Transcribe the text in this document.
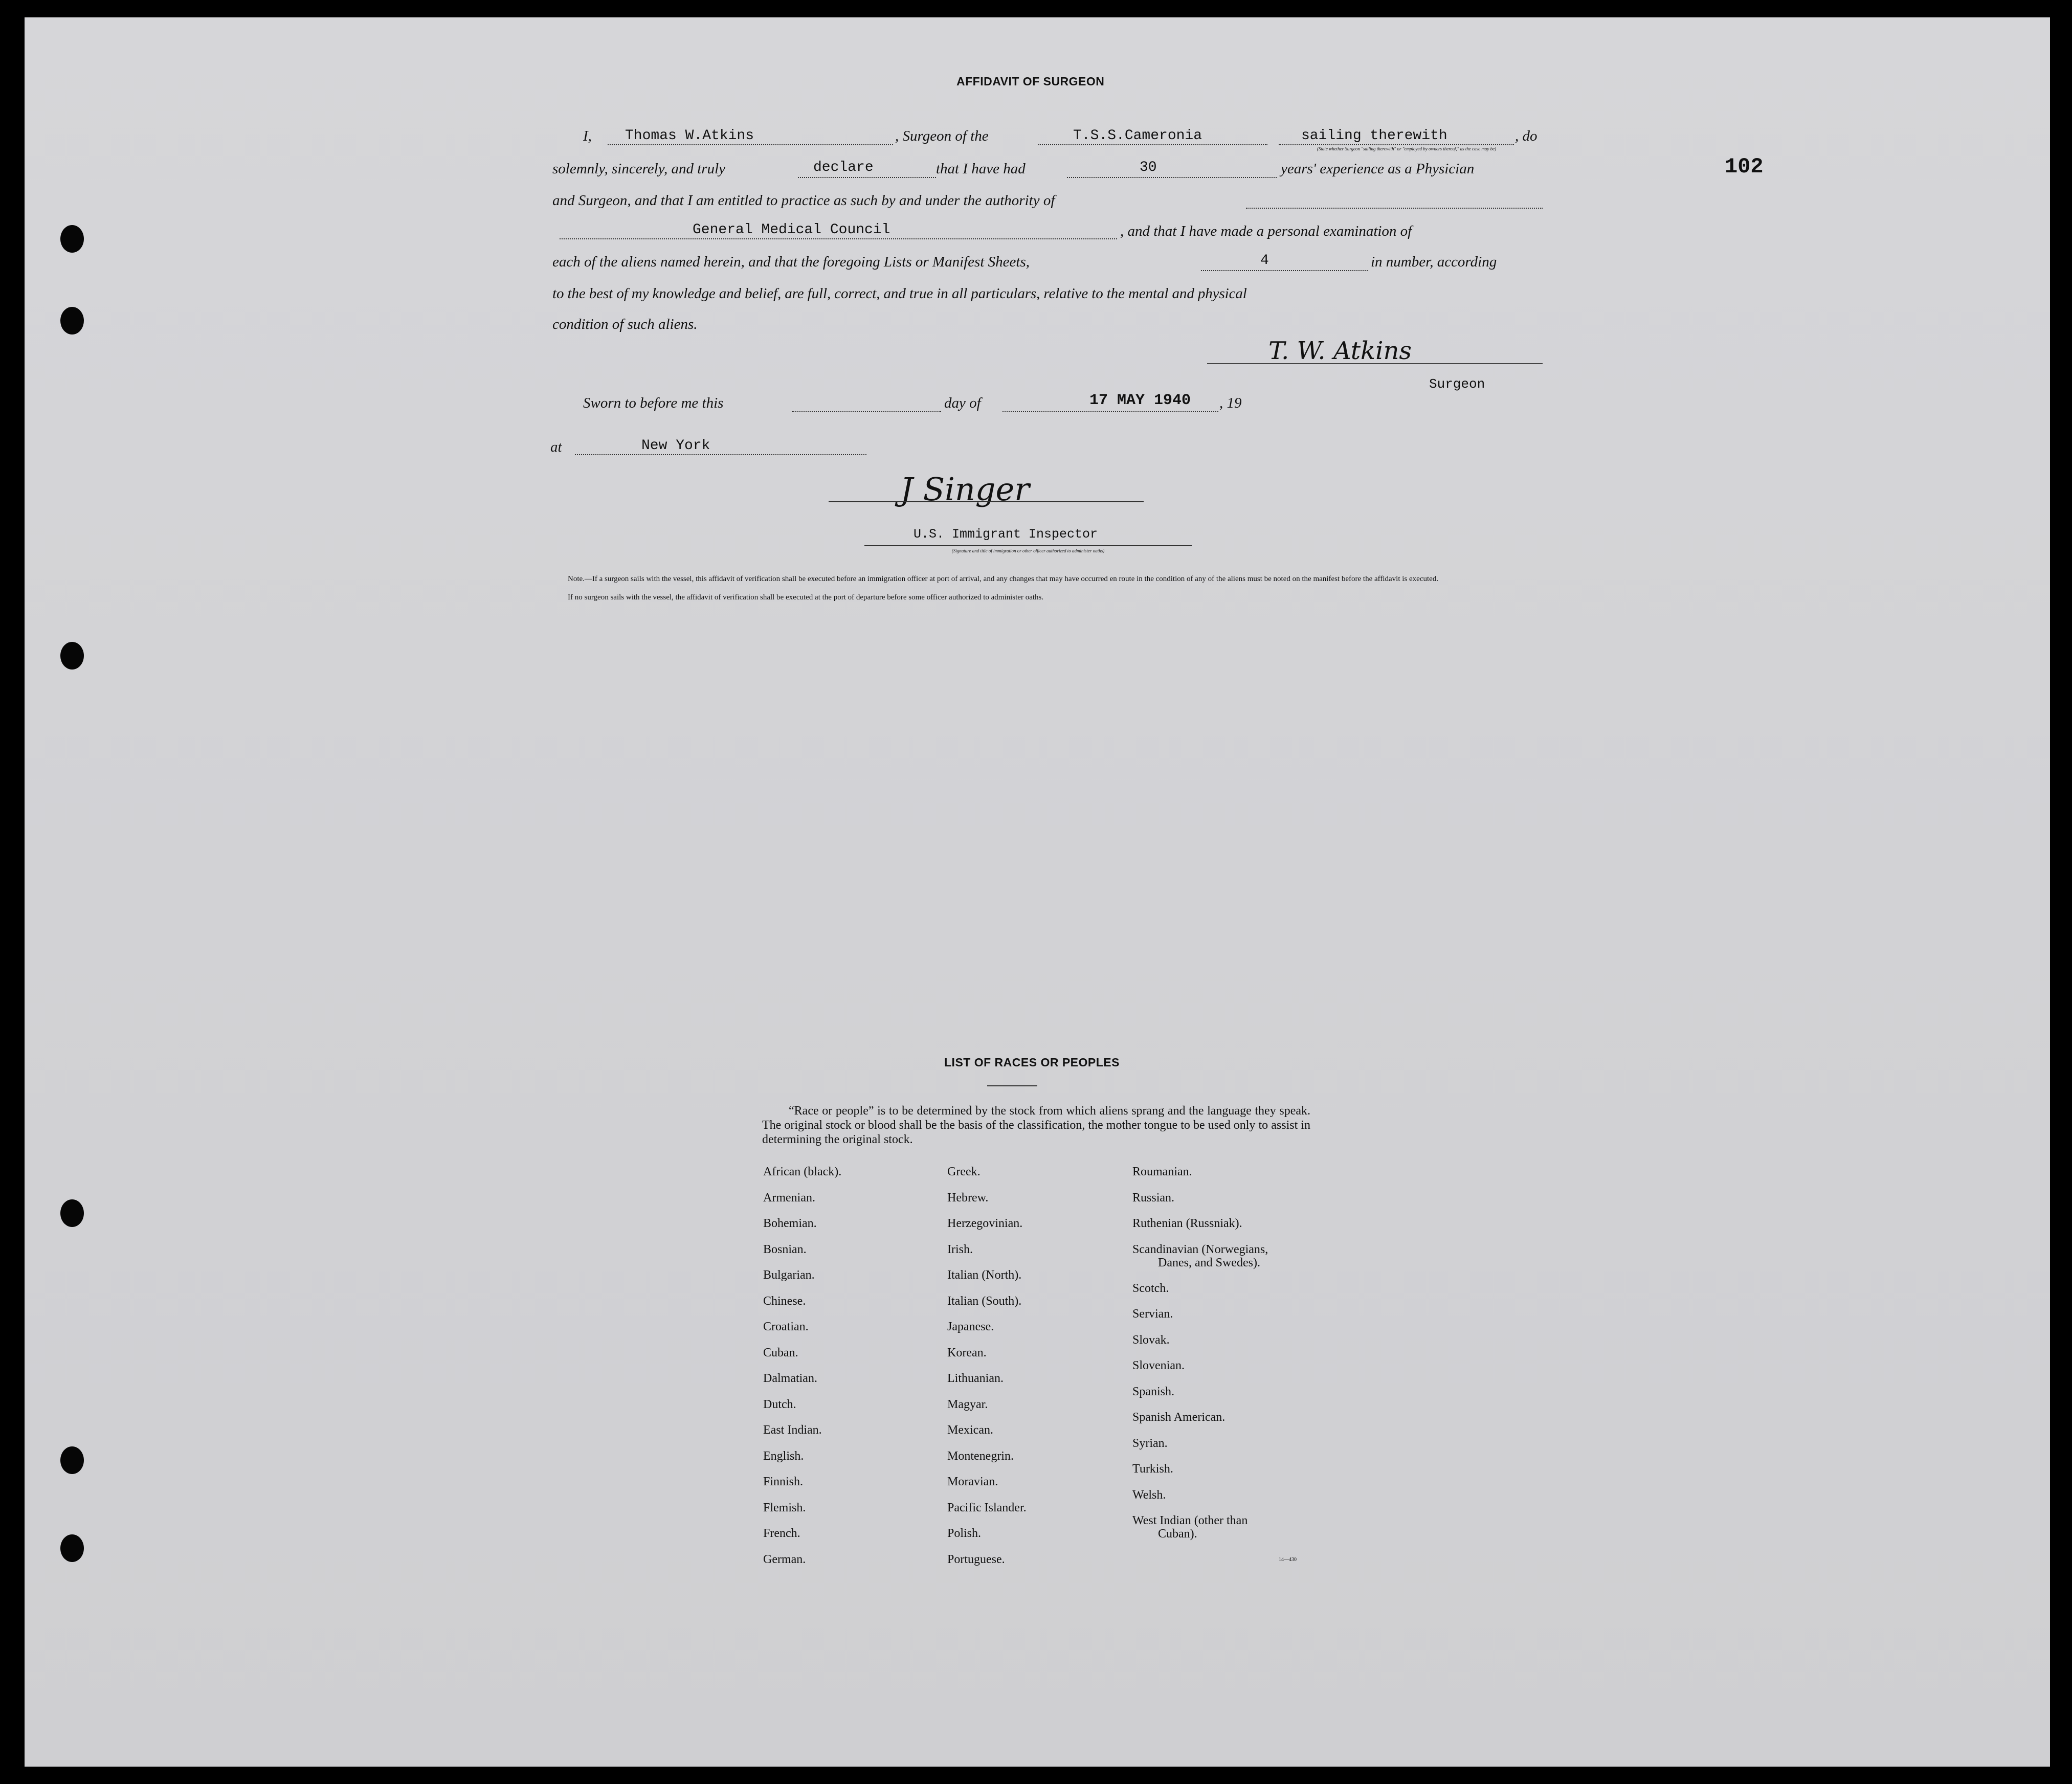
102
AFFIDAVIT OF SURGEON
I, Thomas W.Atkins	, Surgeon of the	T.S.S.Cameronia	sailing therewith	, do
(State whether Surgeon "sailing therewith" or "employed by owners thereof," as the case may be)
solemnly, sincerely, and truly	declare	that I have had	30	years' experience as a Physician
and Surgeon, and that I am entitled to practice as such by and under the authority of
General Medical Council	, and that I have made a personal examination of
each of the aliens named herein, and that the foregoing Lists or Manifest Sheets,	4	in number, according
to the best of my knowledge and belief, are full, correct, and true in all particulars, relative to the mental and physical
condition of such aliens.
T. W. Atkins
Surgeon
Sworn to before me this	day of	17 MAY 1940 , 19
at	New York
J Singer
U.S. Immigrant Inspector
(Signature and title of immigration or other officer authorized to administer oaths)
Note.—If a surgeon sails with the vessel, this affidavit of verification shall be executed before an immigration officer at port of arrival, and any changes that may have occurred en route in the condition of any of the aliens must be noted on the manifest before the affidavit is executed.
If no surgeon sails with the vessel, the affidavit of verification shall be executed at the port of departure before some officer authorized to administer oaths.
LIST OF RACES OR PEOPLES
“Race or people” is to be determined by the stock from which aliens sprang and the language they speak. The original stock or blood shall be the basis of the classification, the mother tongue to be used only to assist in determining the original stock.
African (black).
Armenian.
Bohemian.
Bosnian.
Bulgarian.
Chinese.
Croatian.
Cuban.
Dalmatian.
Dutch.
East Indian.
English.
Finnish.
Flemish.
French.
German.
Greek.
Hebrew.
Herzegovinian.
Irish.
Italian (North).
Italian (South).
Japanese.
Korean.
Lithuanian.
Magyar.
Mexican.
Montenegrin.
Moravian.
Pacific Islander.
Polish.
Portuguese.
Roumanian.
Russian.
Ruthenian (Russniak).
Scandinavian (Norwegians,
Danes, and Swedes).
Scotch.
Servian.
Slovak.
Slovenian.
Spanish.
Spanish American.
Syrian.
Turkish.
Welsh.
West Indian (other than
Cuban).
14—430
